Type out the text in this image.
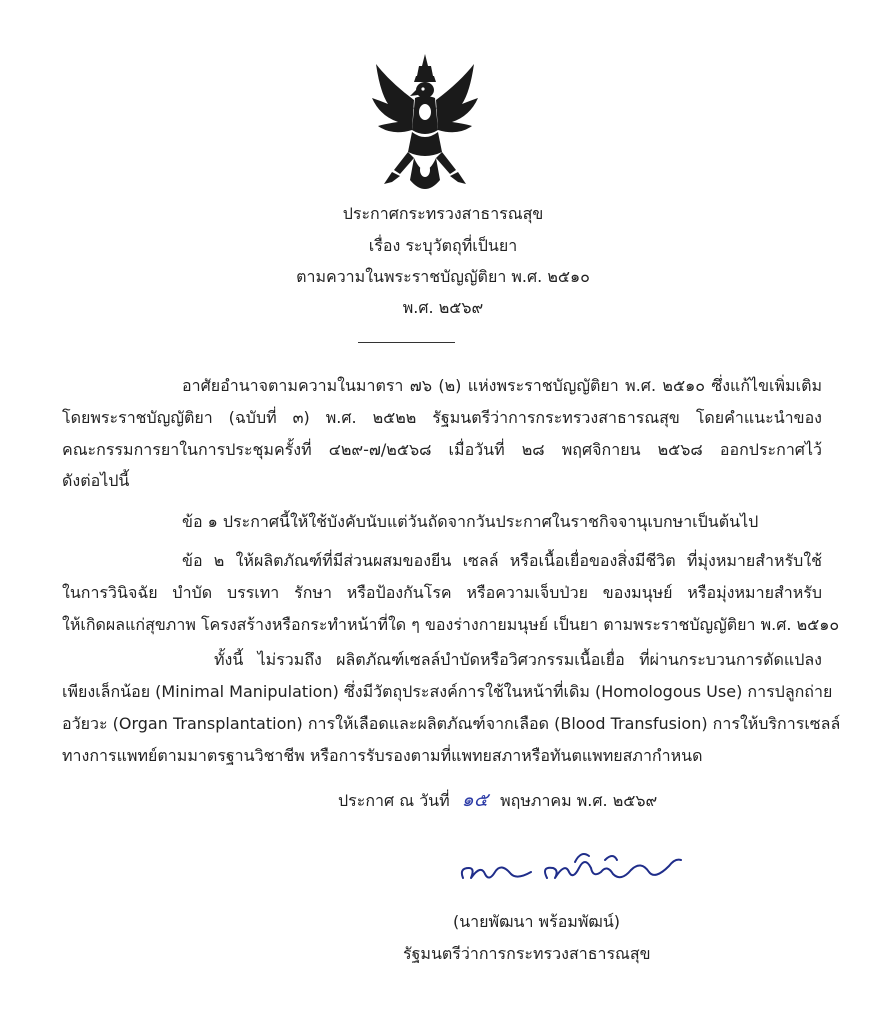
ประกาศกระทรวงสาธารณสุข
เรื่อง ระบุวัตถุที่เป็นยา
ตามความในพระราชบัญญัติยา พ.ศ. ๒๕๑๐
พ.ศ. ๒๕๖๙
อาศัยอำนาจตามความในมาตรา ๗๖ (๒) แห่งพระราชบัญญัติยา พ.ศ. ๒๕๑๐ ซึ่งแก้ไขเพิ่มเติม
โดยพระราชบัญญัติยา (ฉบับที่ ๓) พ.ศ. ๒๕๒๒ รัฐมนตรีว่าการกระทรวงสาธารณสุข โดยคำแนะนำของ
คณะกรรมการยาในการประชุมครั้งที่ ๔๒๙-๗/๒๕๖๘ เมื่อวันที่ ๒๘ พฤศจิกายน ๒๕๖๘ ออกประกาศไว้
ดังต่อไปนี้
ข้อ ๑ ประกาศนี้ให้ใช้บังคับนับแต่วันถัดจากวันประกาศในราชกิจจานุเบกษาเป็นต้นไป
ข้อ ๒ ให้ผลิตภัณฑ์ที่มีส่วนผสมของยีน เซลล์ หรือเนื้อเยื่อของสิ่งมีชีวิต ที่มุ่งหมายสำหรับใช้
ในการวินิจฉัย บำบัด บรรเทา รักษา หรือป้องกันโรค หรือความเจ็บป่วย ของมนุษย์ หรือมุ่งหมายสำหรับ
ให้เกิดผลแก่สุขภาพ โครงสร้างหรือกระทำหน้าที่ใด ๆ ของร่างกายมนุษย์ เป็นยา ตามพระราชบัญญัติยา พ.ศ. ๒๕๑๐
ทั้งนี้ ไม่รวมถึง ผลิตภัณฑ์เซลล์บำบัดหรือวิศวกรรมเนื้อเยื่อ ที่ผ่านกระบวนการดัดแปลง
เพียงเล็กน้อย (Minimal Manipulation) ซึ่งมีวัตถุประสงค์การใช้ในหน้าที่เดิม (Homologous Use) การปลูกถ่าย
อวัยวะ (Organ Transplantation) การให้เลือดและผลิตภัณฑ์จากเลือด (Blood Transfusion) การให้บริการเซลล์
ทางการแพทย์ตามมาตรฐานวิชาชีพ หรือการรับรองตามที่แพทยสภาหรือทันตแพทยสภากำหนด
ประกาศ ณ วันที่ ๑๕ พฤษภาคม พ.ศ. ๒๕๖๙
(นายพัฒนา พร้อมพัฒน์)
รัฐมนตรีว่าการกระทรวงสาธารณสุข
